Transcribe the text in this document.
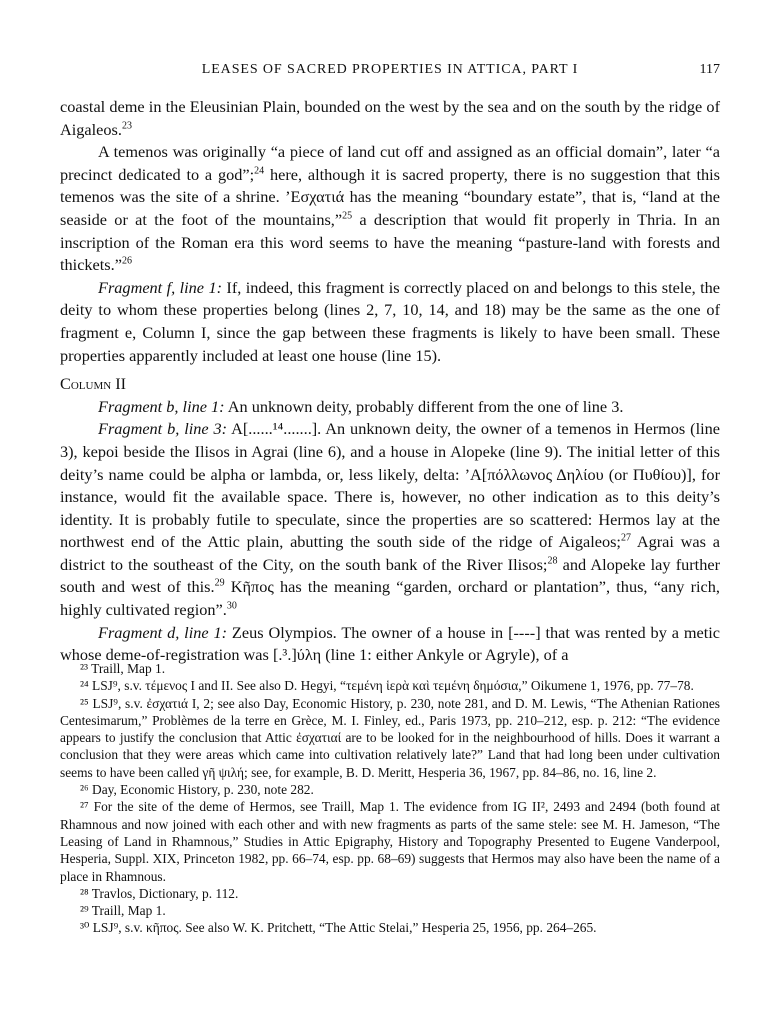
LEASES OF SACRED PROPERTIES IN ATTICA, PART I	117

coastal deme in the Eleusinian Plain, bounded on the west by the sea and on the south by the ridge of Aigaleos.$^{23}$

A temenos was originally “a piece of land cut off and assigned as an official domain”, later “a precinct dedicated to a god”;$^{24}$ here, although it is sacred property, there is no suggestion that this temenos was the site of a shrine. ʼΕσχατιά has the meaning “boundary estate”, that is, “land at the seaside or at the foot of the mountains,”$^{25}$ a description that would fit properly in Thria. In an inscription of the Roman era this word seems to have the meaning “pasture-land with forests and thickets.”$^{26}$

Fragment f, line 1: If, indeed, this fragment is correctly placed on and belongs to this stele, the deity to whom these properties belong (lines 2, 7, 10, 14, and 18) may be the same as the one of fragment e, Column I, since the gap between these fragments is likely to have been small. These properties apparently included at least one house (line 15).

Column II

Fragment b, line 1: An unknown deity, probably different from the one of line 3.

Fragment b, line 3: A[......¹⁴.......]. An unknown deity, the owner of a temenos in Hermos (line 3), kepoi beside the Ilisos in Agrai (line 6), and a house in Alopeke (line 9). The initial letter of this deity’s name could be alpha or lambda, or, less likely, delta: ʼΑ[πόλλωνος Δηλίου (or Πυθίου)], for instance, would fit the available space. There is, however, no other indication as to this deity’s identity. It is probably futile to speculate, since the properties are so scattered: Hermos lay at the northwest end of the Attic plain, abutting the south side of the ridge of Aigaleos;$^{27}$ Agrai was a district to the southeast of the City, on the south bank of the River Ilisos;$^{28}$ and Alopeke lay further south and west of this.$^{29}$ Κῆπος has the meaning “garden, orchard or plantation”, thus, “any rich, highly cultivated region”.$^{30}$

Fragment d, line 1: Zeus Olympios. The owner of a house in [----] that was rented by a metic whose deme-of-registration was [.³.]ύλη (line 1: either Ankyle or Agryle), of a

²³ Traill, Map 1.

²⁴ LSJ⁹, s.v. τέμενος I and II. See also D. Hegyi, “τεμένη ἱερὰ καὶ τεμένη δημόσια,” Oikumene 1, 1976, pp. 77–78.

²⁵ LSJ⁹, s.v. ἐσχατιά I, 2; see also Day, Economic History, p. 230, note 281, and D. M. Lewis, “The Athenian Rationes Centesimarum,” Problèmes de la terre en Grèce, M. I. Finley, ed., Paris 1973, pp. 210–212, esp. p. 212: “The evidence appears to justify the conclusion that Attic ἐσχατιαί are to be looked for in the neighbourhood of hills. Does it warrant a conclusion that they were areas which came into cultivation relatively late?” Land that had long been under cultivation seems to have been called γῆ ψιλή; see, for example, B. D. Meritt, Hesperia 36, 1967, pp. 84–86, no. 16, line 2.

²⁶ Day, Economic History, p. 230, note 282.

²⁷ For the site of the deme of Hermos, see Traill, Map 1. The evidence from IG II², 2493 and 2494 (both found at Rhamnous and now joined with each other and with new fragments as parts of the same stele: see M. H. Jameson, “The Leasing of Land in Rhamnous,” Studies in Attic Epigraphy, History and Topography Presented to Eugene Vanderpool, Hesperia, Suppl. XIX, Princeton 1982, pp. 66–74, esp. pp. 68–69) suggests that Hermos may also have been the name of a place in Rhamnous.

²⁸ Travlos, Dictionary, p. 112.

²⁹ Traill, Map 1.

³⁰ LSJ⁹, s.v. κῆπος. See also W. K. Pritchett, “The Attic Stelai,” Hesperia 25, 1956, pp. 264–265.
